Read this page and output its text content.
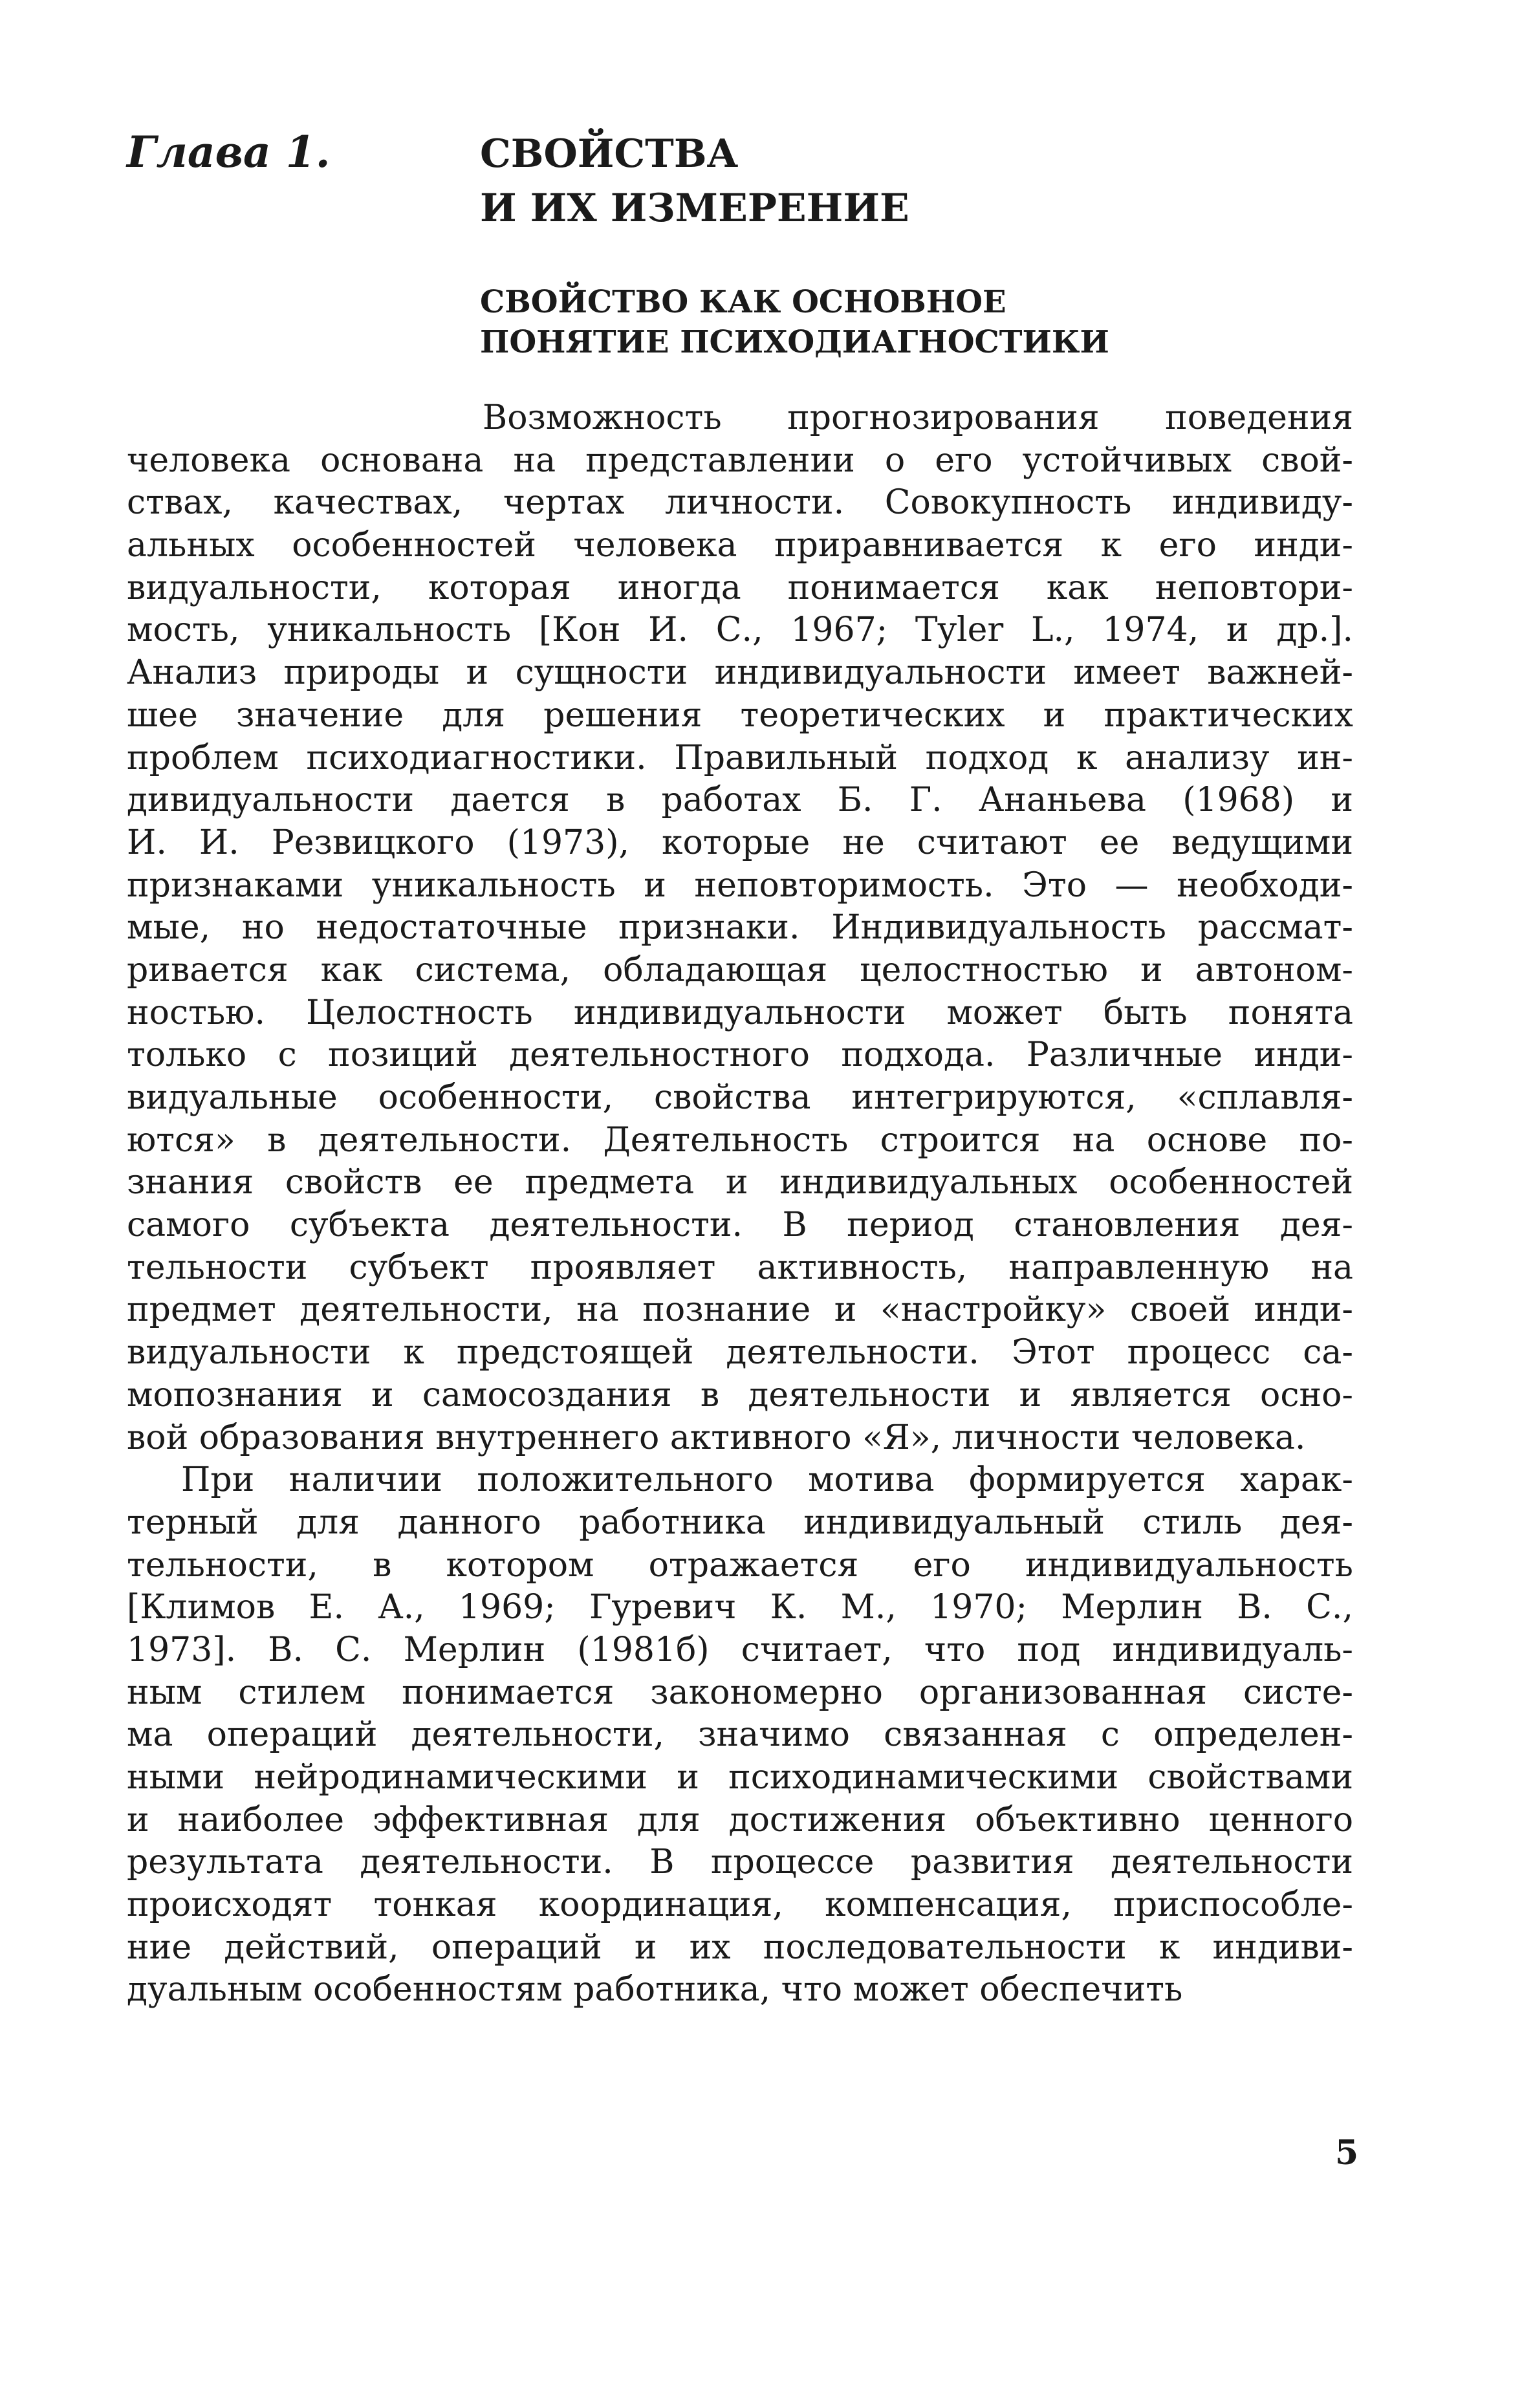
Глава 1.	СВОЙСТВА
И ИХ ИЗМЕРЕНИЕ
СВОЙСТВО КАК ОСНОВНОЕ
ПОНЯТИЕ ПСИХОДИАГНОСТИКИ
Возможность прогнозирования поведения
человека основана на представлении о его устойчивых свой-
ствах, качествах, чертах личности. Совокупность индивиду-
альных особенностей человека приравнивается к его инди-
видуальности, которая иногда понимается как неповтори-
мость, уникальность [Кон И. С., 1967; Tyler L., 1974, и др.].
Анализ природы и сущности индивидуальности имеет важней-
шее значение для решения теоретических и практических
проблем психодиагностики. Правильный подход к анализу ин-
дивидуальности дается в работах Б. Г. Ананьева (1968) и
И. И. Резвицкого (1973), которые не считают ее ведущими
признаками уникальность и неповторимость. Это — необходи-
мые, но недостаточные признаки. Индивидуальность рассмат-
ривается как система, обладающая целостностью и автоном-
ностью. Целостность индивидуальности может быть понята
только с позиций деятельностного подхода. Различные инди-
видуальные особенности, свойства интегрируются, «сплавля-
ются» в деятельности. Деятельность строится на основе по-
знания свойств ее предмета и индивидуальных особенностей
самого субъекта деятельности. В период становления дея-
тельности субъект проявляет активность, направленную на
предмет деятельности, на познание и «настройку» своей инди-
видуальности к предстоящей деятельности. Этот процесс са-
мопознания и самосоздания в деятельности и является осно-
вой образования внутреннего активного «Я», личности человека.
При наличии положительного мотива формируется харак-
терный для данного работника индивидуальный стиль дея-
тельности, в котором отражается его индивидуальность
[Климов Е. А., 1969; Гуревич К. М., 1970; Мерлин В. С.,
1973]. В. С. Мерлин (1981б) считает, что под индивидуаль-
ным стилем понимается закономерно организованная систе-
ма операций деятельности, значимо связанная с определен-
ными нейродинамическими и психодинамическими свойствами
и наиболее эффективная для достижения объективно ценного
результата деятельности. В процессе развития деятельности
происходят тонкая координация, компенсация, приспособле-
ние действий, операций и их последовательности к индиви-
дуальным особенностям работника, что может обеспечить
5
